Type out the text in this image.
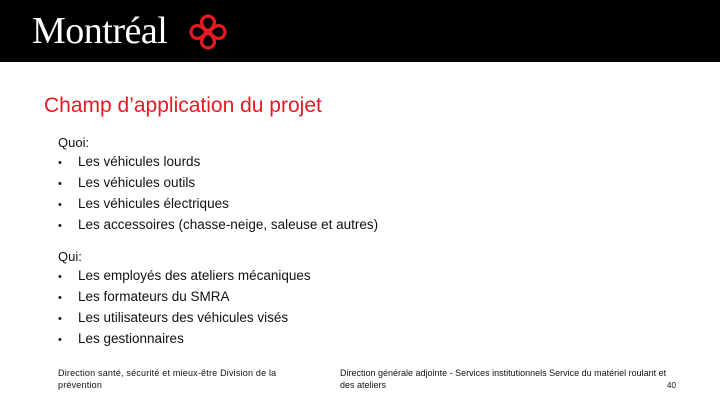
Montréal
Champ d’application du projet
Quoi:
•	Les véhicules lourds
•	Les véhicules outils
•	Les véhicules électriques
•	Les accessoires (chasse-neige, saleuse et autres)
Qui:
•	Les employés des ateliers mécaniques
•	Les formateurs du SMRA
•	Les utilisateurs des véhicules visés
•	Les gestionnaires
Direction santé, sécurité et mieux-être Division de la prévention
Direction générale adjointe - Services institutionnels Service du matériel roulant et des ateliers	40
